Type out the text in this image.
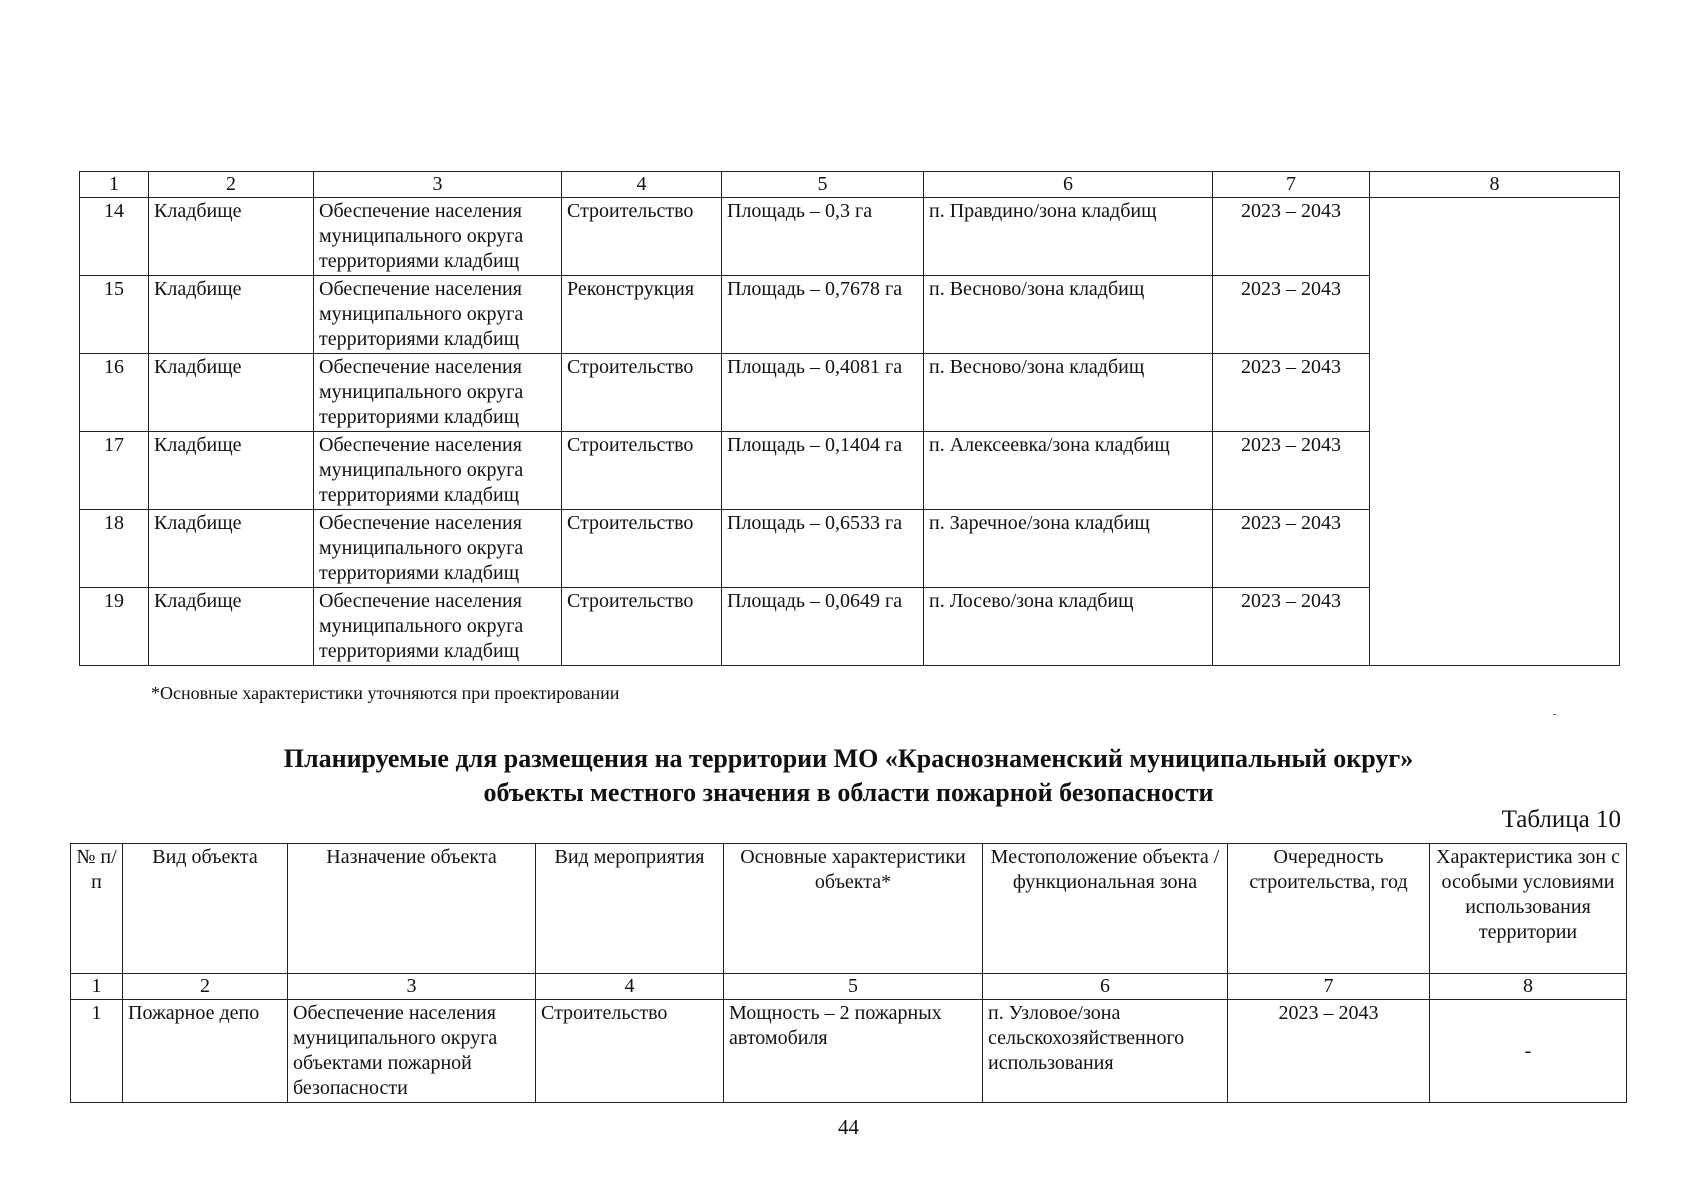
1	2	3	4	5	6	7	8
14	Кладбище	Обеспечение населения муниципального округа территориями кладбищ	Строительство	Площадь – 0,3 га	п. Правдино/зона кладбищ	2023 – 2043	
15	Кладбище	Обеспечение населения муниципального округа территориями кладбищ	Реконструкция	Площадь – 0,7678 га	п. Весново/зона кладбищ	2023 – 2043	
16	Кладбище	Обеспечение населения муниципального округа территориями кладбищ	Строительство	Площадь – 0,4081 га	п. Весново/зона кладбищ	2023 – 2043	
17	Кладбище	Обеспечение населения муниципального округа территориями кладбищ	Строительство	Площадь – 0,1404 га	п. Алексеевка/зона кладбищ	2023 – 2043	
18	Кладбище	Обеспечение населения муниципального округа территориями кладбищ	Строительство	Площадь – 0,6533 га	п. Заречное/зона кладбищ	2023 – 2043	
19	Кладбище	Обеспечение населения муниципального округа территориями кладбищ	Строительство	Площадь – 0,0649 га	п. Лосево/зона кладбищ	2023 – 2043	
*Основные характеристики уточняются при проектировании
Планируемые для размещения на территории МО «Краснознаменский муниципальный округ»
объекты местного значения в области пожарной безопасности
Таблица 10
№ п/п	Вид объекта	Назначение объекта	Вид мероприятия	Основные характеристики объекта*	Местоположение объекта / функциональная зона	Очередность строительства, год	Характеристика зон с особыми условиями использования территории
1	2	3	4	5	6	7	8
1	Пожарное депо	Обеспечение населения муниципального округа объектами пожарной безопасности	Строительство	Мощность – 2 пожарных автомобиля	п. Узловое/зона сельскохозяйственного использования	2023 – 2043	-
44
